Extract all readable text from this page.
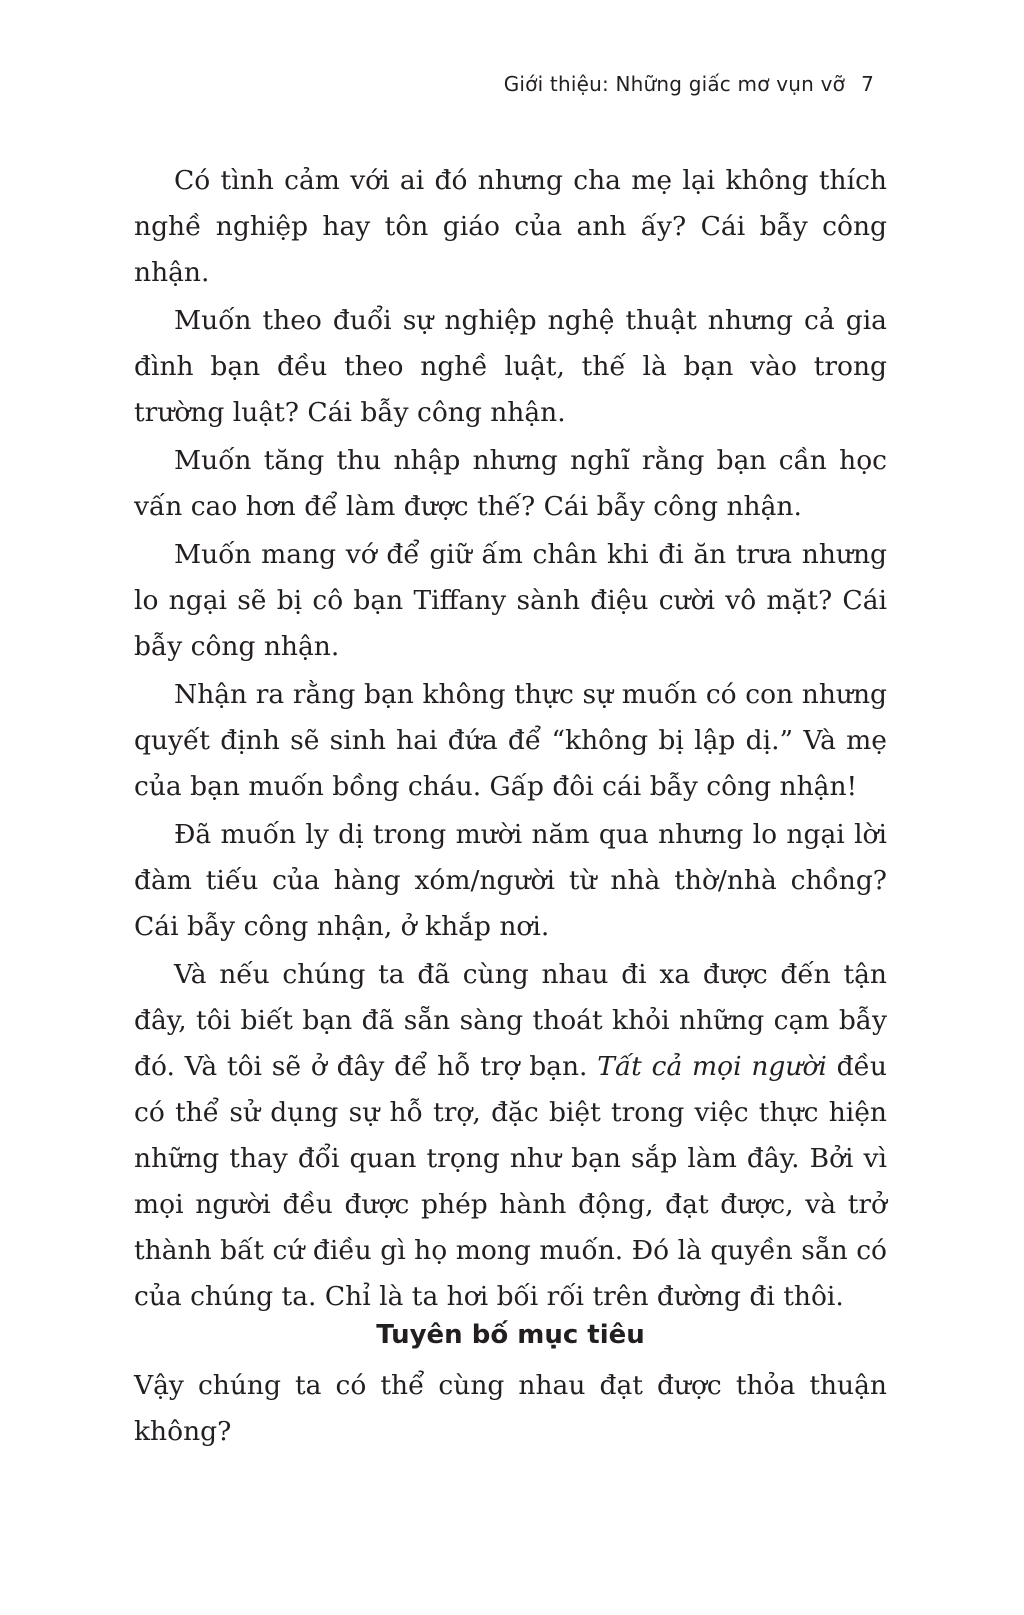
Giới thiệu: Những giấc mơ vụn vỡ 7

Có tình cảm với ai đó nhưng cha mẹ lại không thích nghề nghiệp hay tôn giáo của anh ấy? Cái bẫy công nhận.

Muốn theo đuổi sự nghiệp nghệ thuật nhưng cả gia đình bạn đều theo nghề luật, thế là bạn vào trong trường luật? Cái bẫy công nhận.

Muốn tăng thu nhập nhưng nghĩ rằng bạn cần học vấn cao hơn để làm được thế? Cái bẫy công nhận.

Muốn mang vớ để giữ ấm chân khi đi ăn trưa nhưng lo ngại sẽ bị cô bạn Tiffany sành điệu cười vô mặt? Cái bẫy công nhận.

Nhận ra rằng bạn không thực sự muốn có con nhưng quyết định sẽ sinh hai đứa để “không bị lập dị.” Và mẹ của bạn muốn bồng cháu. Gấp đôi cái bẫy công nhận!

Đã muốn ly dị trong mười năm qua nhưng lo ngại lời đàm tiếu của hàng xóm/người từ nhà thờ/nhà chồng? Cái bẫy công nhận, ở khắp nơi.

Và nếu chúng ta đã cùng nhau đi xa được đến tận đây, tôi biết bạn đã sẵn sàng thoát khỏi những cạm bẫy đó. Và tôi sẽ ở đây để hỗ trợ bạn. Tất cả mọi người đều có thể sử dụng sự hỗ trợ, đặc biệt trong việc thực hiện những thay đổi quan trọng như bạn sắp làm đây. Bởi vì mọi người đều được phép hành động, đạt được, và trở thành bất cứ điều gì họ mong muốn. Đó là quyền sẵn có của chúng ta. Chỉ là ta hơi bối rối trên đường đi thôi.

Tuyên bố mục tiêu

Vậy chúng ta có thể cùng nhau đạt được thỏa thuận không?
